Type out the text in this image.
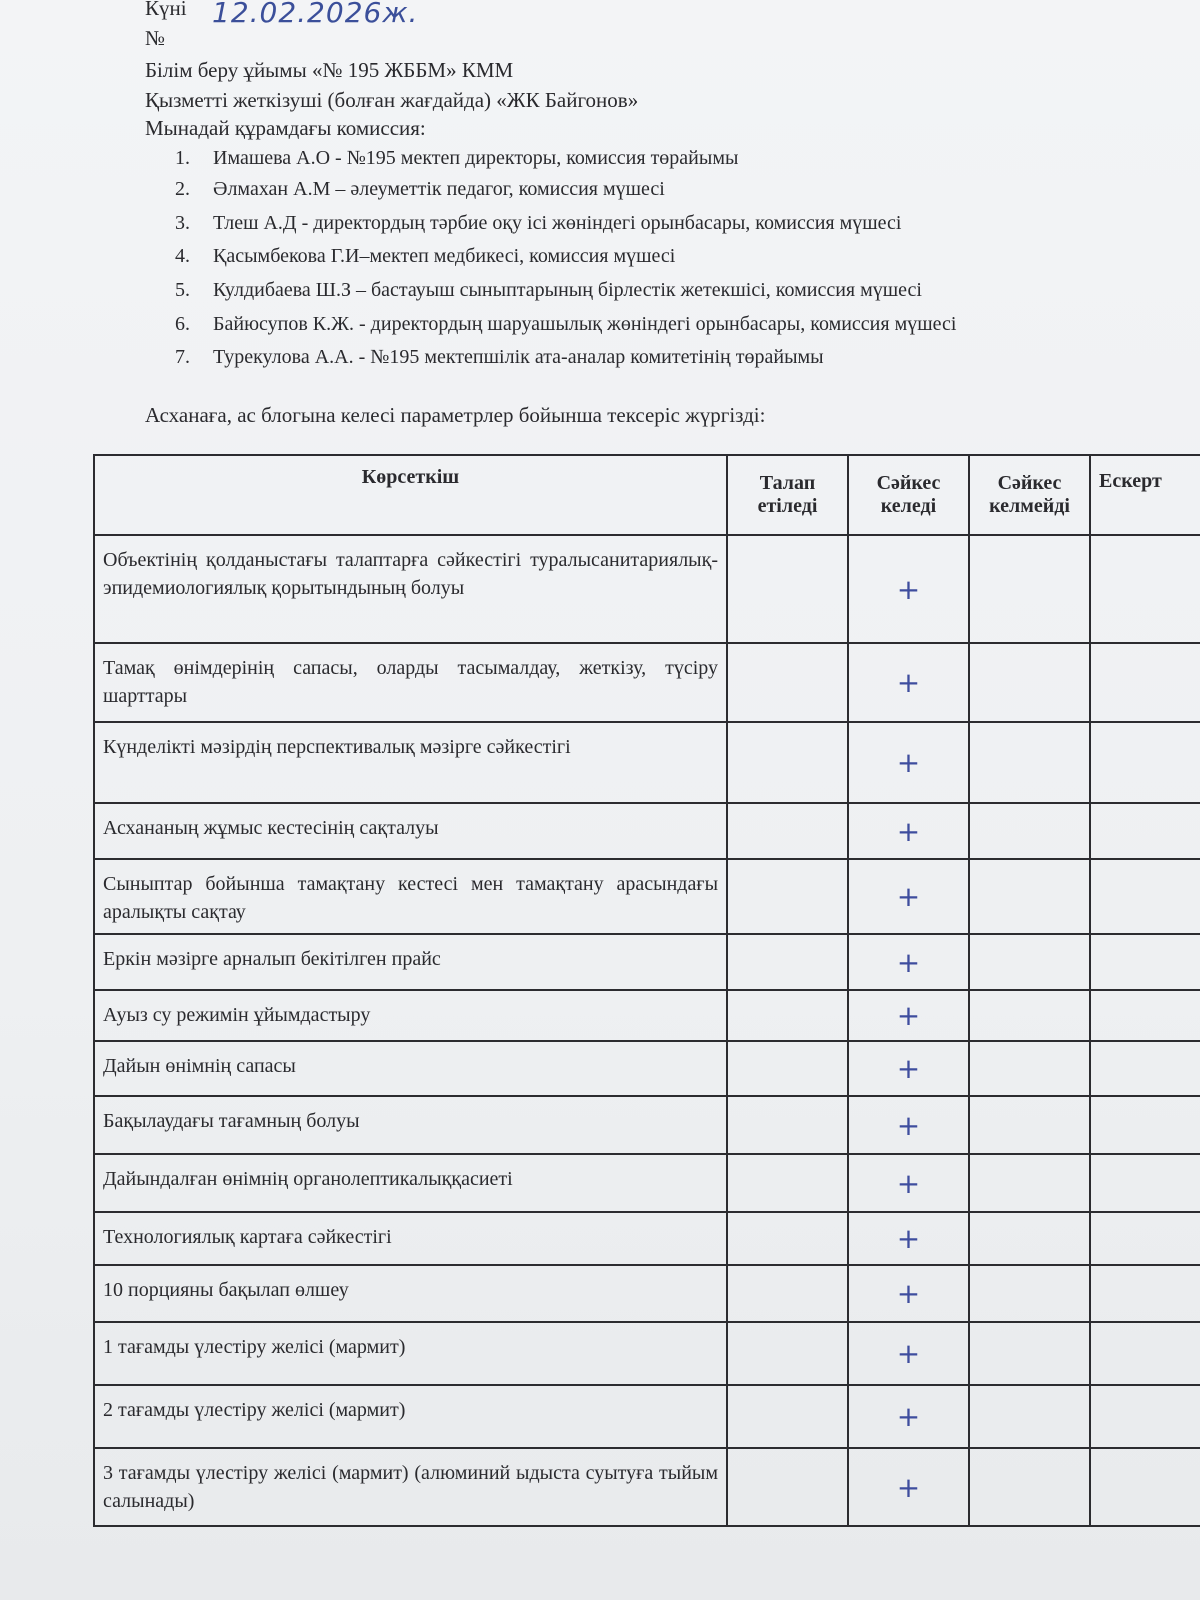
Күні 12.02.2026ж.
№
Білім беру ұйымы «№ 195 ЖББМ» КММ
Қызметті жеткізуші (болған жағдайда) «ЖК Байгонов»
Мынадай құрамдағы комиссия:
1. Имашева А.О - №195 мектеп директоры, комиссия төрайымы
2. Әлмахан А.М – әлеуметтік педагог, комиссия мүшесі
3. Тлеш А.Д - директордың тәрбие оқу ісі жөніндегі орынбасары, комиссия мүшесі
4. Қасымбекова Г.И–мектеп медбикесі, комиссия мүшесі
5. Кулдибаева Ш.З – бастауыш сыныптарының бірлестік жетекшісі, комиссия мүшесі
6. Байюсупов К.Ж. - директордың шаруашылық жөніндегі орынбасары, комиссия мүшесі
7. Турекулова А.А. - №195 мектепшілік ата-аналар комитетінің төрайымы
Асханаға, ас блогына келесі параметрлер бойынша тексеріс жүргізді:
Көрсеткіш	Талап етіледі	Сәйкес келеді	Сәйкес келмейді	Ескерт
Объектінің қолданыстағы талаптарға сәйкестігі туралысанитариялық-эпидемиологиялық қорытындының болуы		+		
Тамақ өнімдерінің сапасы, оларды тасымалдау, жеткізу, түсіру шарттары		+		
Күнделікті мәзірдің перспективалық мәзірге сәйкестігі		+		
Асхананың жұмыс кестесінің сақталуы		+		
Сыныптар бойынша тамақтану кестесі мен тамақтану арасындағы аралықты сақтау		+		
Еркін мәзірге арналып бекітілген прайс		+		
Ауыз су режимін ұйымдастыру		+		
Дайын өнімнің сапасы		+		
Бақылаудағы тағамның болуы		+		
Дайындалған өнімнің органолептикалыққасиеті		+		
Технологиялық картаға сәйкестігі		+		
10 порцияны бақылап өлшеу		+		
1 тағамды үлестіру желісі (мармит)		+		
2 тағамды үлестіру желісі (мармит)		+		
3 тағамды үлестіру желісі (мармит) (алюминий ыдыста суытуға тыйым салынады)		+		
